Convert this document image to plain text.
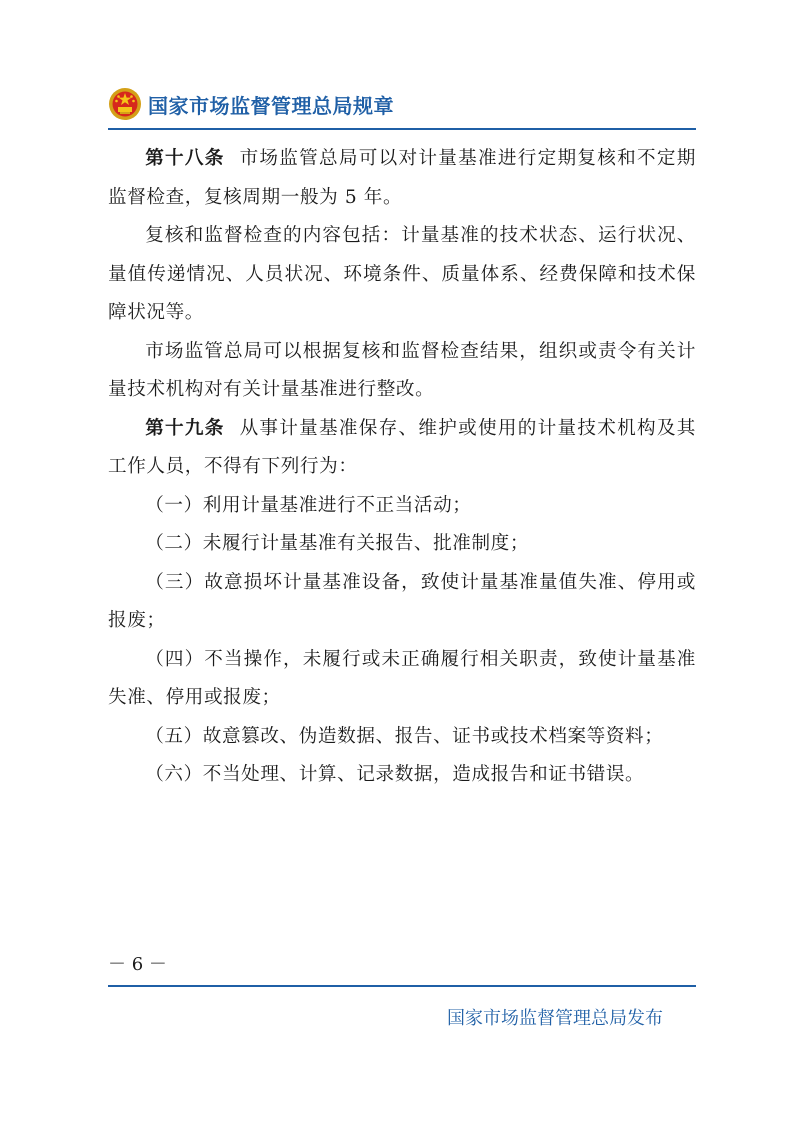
国家市场监督管理总局规章

第十八条 市场监管总局可以对计量基准进行定期复核和不定期监督检查，复核周期一般为 5 年。

复核和监督检查的内容包括：计量基准的技术状态、运行状况、量值传递情况、人员状况、环境条件、质量体系、经费保障和技术保障状况等。

市场监管总局可以根据复核和监督检查结果，组织或责令有关计量技术机构对有关计量基准进行整改。

第十九条 从事计量基准保存、维护或使用的计量技术机构及其工作人员，不得有下列行为：

（一）利用计量基准进行不正当活动；

（二）未履行计量基准有关报告、批准制度；

（三）故意损坏计量基准设备，致使计量基准量值失准、停用或报废；

（四）不当操作，未履行或未正确履行相关职责，致使计量基准失准、停用或报废；

（五）故意篡改、伪造数据、报告、证书或技术档案等资料；

（六）不当处理、计算、记录数据，造成报告和证书错误。

－ 6 －
国家市场监督管理总局发布
